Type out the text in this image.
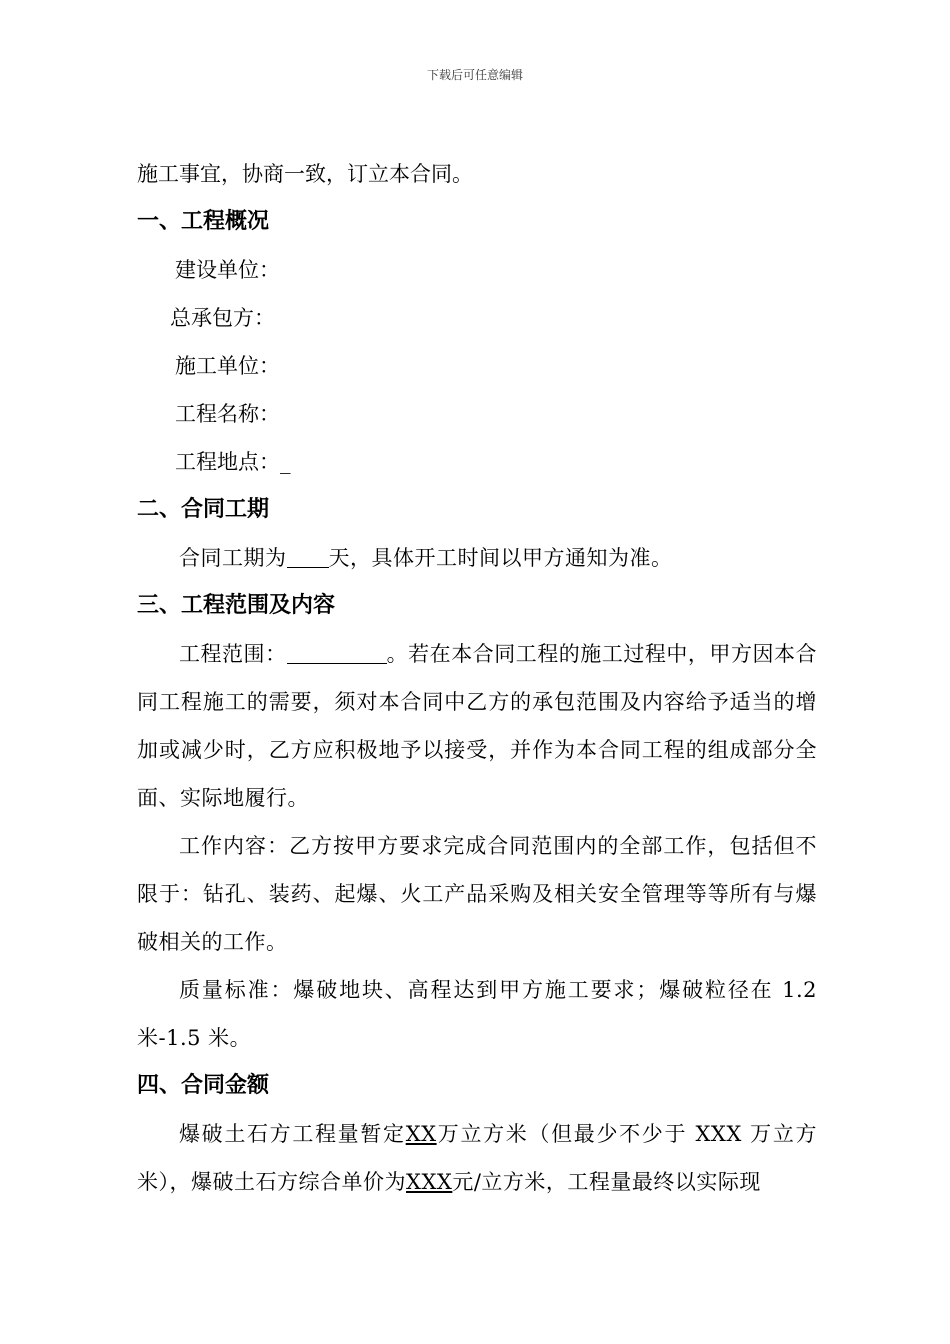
下载后可任意编辑
施工事宜，协商一致，订立本合同。
一、工程概况
建设单位：
总承包方：
施工单位：
工程名称：
工程地点：_
二、合同工期
合同工期为 天，具体开工时间以甲方通知为准。
三、工程范围及内容
工程范围：	。若在本合同工程的施工过程中，甲方因本合同工程施工的需要，须对本合同中乙方的承包范围及内容给予适当的增加或减少时，乙方应积极地予以接受，并作为本合同工程的组成部分全面、实际地履行。
工作内容：乙方按甲方要求完成合同范围内的全部工作，包括但不限于：钻孔、装药、起爆、火工产品采购及相关安全管理等等所有与爆破相关的工作。
质量标准：爆破地块、高程达到甲方施工要求；爆破粒径在 1.2 米-1.5 米。
四、合同金额
爆破土石方工程量暂定XX万立方米（但最少不少于 XXX 万立方米），爆破土石方综合单价为XXX元/立方米，工程量最终以实际现
